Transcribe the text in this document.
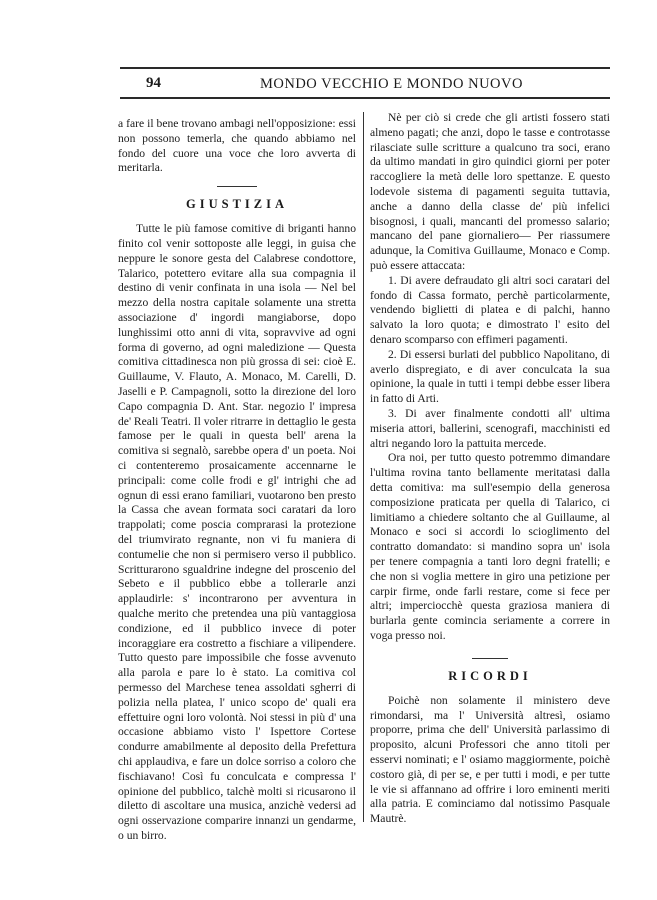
94	MONDO VECCHIO E MONDO NUOVO

a fare il bene trovano ambagi nell'opposizione: essi non possono temerla, che quando abbiamo nel fondo del cuore una voce che loro avverta di meritarla.

GIUSTIZIA

Tutte le più famose comitive di briganti hanno finito col venir sottoposte alle leggi, in guisa che neppure le sonore gesta del Calabrese condottore, Talarico, potettero evitare alla sua compagnia il destino di venir confinata in una isola — Nel bel mezzo della nostra capitale solamente una stretta associazione d' ingordi mangiaborse, dopo lunghissimi otto anni di vita, sopravvive ad ogni forma di governo, ad ogni maledizione — Questa comitiva cittadinesca non più grossa di sei: cioè E. Guillaume, V. Flauto, A. Monaco, M. Carelli, D. Jaselli e P. Campagnoli, sotto la direzione del loro Capo compagnia D. Ant. Star. negozio l' impresa de' Reali Teatri. Il voler ritrarre in dettaglio le gesta famose per le quali in questa bell' arena la comitiva si segnalò, sarebbe opera d' un poeta. Noi ci contenteremo prosaicamente accennarne le principali: come colle frodi e gl' intrighi che ad ognun di essi erano familiari, vuotarono ben presto la Cassa che avean formata soci caratari da loro trappolati; come poscia comprarasi la protezione del triumvirato regnante, non vi fu maniera di contumelie che non si permisero verso il pubblico. Scritturarono sgualdrine indegne del proscenio del Sebeto e il pubblico ebbe a tollerarle anzi applaudirle: s' incontrarono per avventura in qualche merito che pretendea una più vantaggiosa condizione, ed il pubblico invece di poter incoraggiare era costretto a fischiare a vilipendere. Tutto questo pare impossibile che fosse avvenuto alla parola e pare lo è stato. La comitiva col permesso del Marchese tenea assoldati sgherri di polizia nella platea, l' unico scopo de' quali era effettuire ogni loro volontà. Noi stessi in più d' una occasione abbiamo visto l' Ispettore Cortese condurre amabilmente al deposito della Prefettura chi applaudiva, e fare un dolce sorriso a coloro che fischiavano! Così fu conculcata e compressa l' opinione del pubblico, talchè molti si ricusarono il diletto di ascoltare una musica, anzichè vedersi ad ogni osservazione comparire innanzi un gendarme, o un birro.

Nè per ciò si crede che gli artisti fossero stati almeno pagati; che anzi, dopo le tasse e controtasse rilasciate sulle scritture a qualcuno tra soci, erano da ultimo mandati in giro quindici giorni per poter raccogliere la metà delle loro spettanze. E questo lodevole sistema di pagamenti seguita tuttavia, anche a danno della classe de' più infelici bisognosi, i quali, mancanti del promesso salario; mancano del pane giornaliero— Per riassumere adunque, la Comitiva Guillaume, Monaco e Comp. può essere attaccata:

1. Di avere defraudato gli altri soci caratari del fondo di Cassa formato, perchè particolarmente, vendendo biglietti di platea e di palchi, hanno salvato la loro quota; e dimostrato l' esito del denaro scomparso con effimeri pagamenti.

2. Di essersi burlati del pubblico Napolitano, di averlo dispregiato, e di aver conculcata la sua opinione, la quale in tutti i tempi debbe esser libera in fatto di Arti.

3. Di aver finalmente condotti all' ultima miseria attori, ballerini, scenografi, macchinisti ed altri negando loro la pattuita mercede.

Ora noi, per tutto questo potremmo dimandare l'ultima rovina tanto bellamente meritatasi dalla detta comitiva: ma sull'esempio della generosa composizione praticata per quella di Talarico, ci limitiamo a chiedere soltanto che al Guillaume, al Monaco e soci si accordi lo scioglimento del contratto domandato: si mandino sopra un' isola per tenere compagnia a tanti loro degni fratelli; e che non si voglia mettere in giro una petizione per carpir firme, onde farli restare, come si fece per altri; imperciocchè questa graziosa maniera di burlarla gente comincia seriamente a correre in voga presso noi.

RICORDI

Poichè non solamente il ministero deve rimondarsi, ma l' Università altresì, osiamo proporre, prima che dell' Università parlassimo di proposito, alcuni Professori che anno titoli per esservi nominati; e l' osiamo maggiormente, poichè costoro già, di per se, e per tutti i modi, e per tutte le vie si affannano ad offrire i loro eminenti meriti alla patria. E cominciamo dal notissimo Pasquale Mautrè.
